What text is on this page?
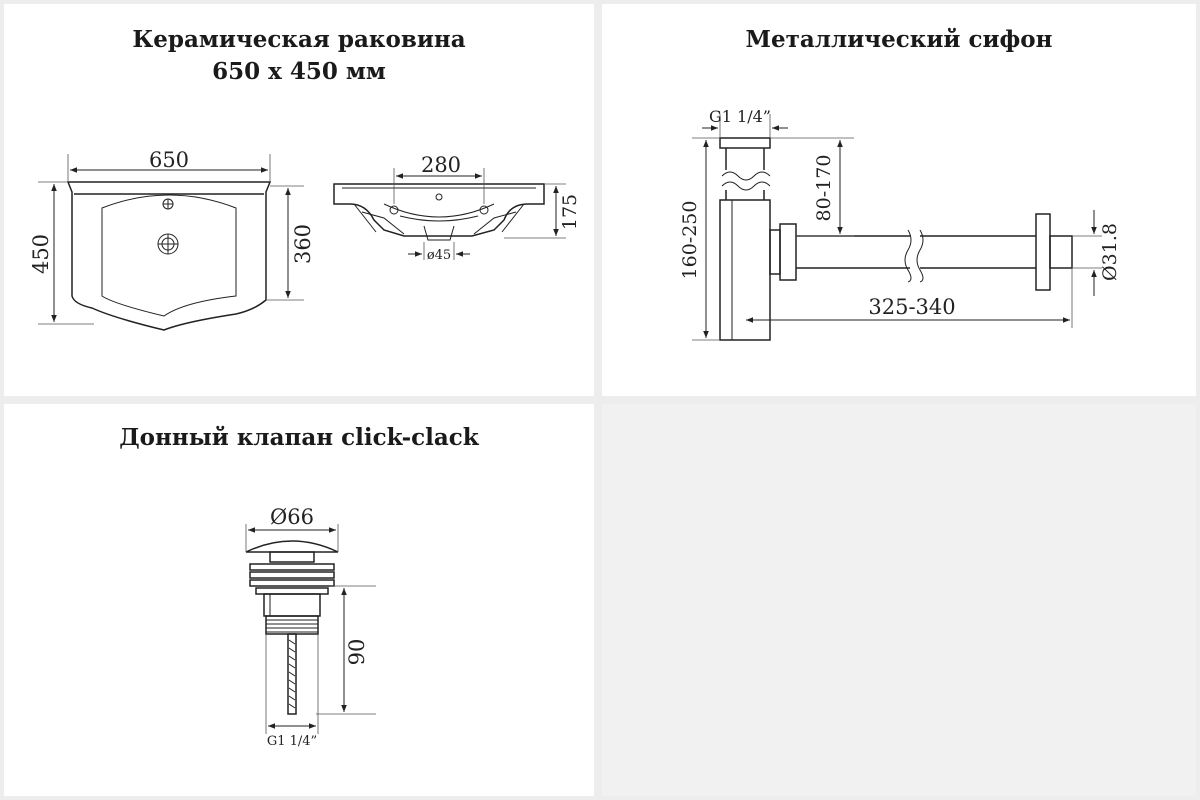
Керамическая раковина
650 x 450 мм
650
450	360
280
175
ø45
Металлический сифон
G1 1/4”
80-170
160-250	Ø31.8
325-340
Донный клапан click-clack
Ø66
90
G1 1/4”
